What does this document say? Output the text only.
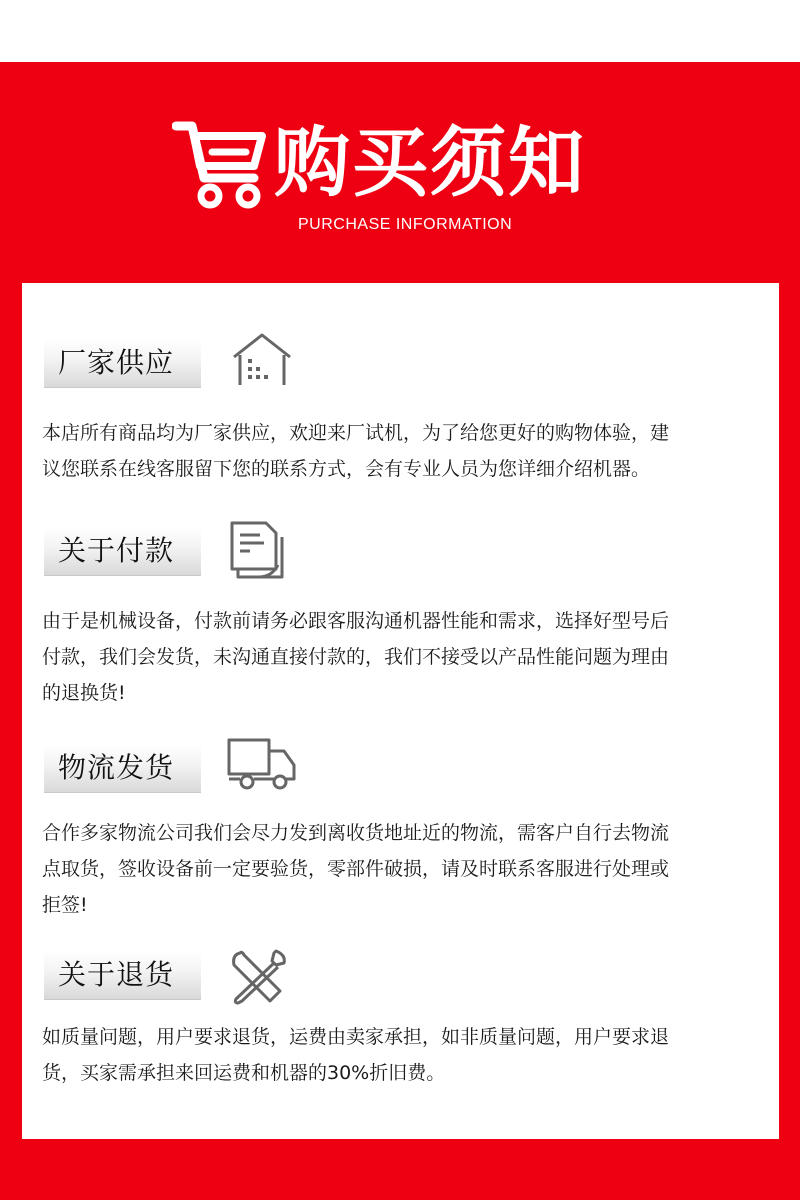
购买须知
PURCHASE INFORMATION
厂家供应

本店所有商品均为厂家供应，欢迎来厂试机，为了给您更好的购物体验，建
议您联系在线客服留下您的联系方式，会有专业人员为您详细介绍机器。

关于付款

由于是机械设备，付款前请务必跟客服沟通机器性能和需求，选择好型号后
付款，我们会发货，未沟通直接付款的，我们不接受以产品性能问题为理由
的退换货!

物流发货

合作多家物流公司我们会尽力发到离收货地址近的物流，需客户自行去物流
点取货，签收设备前一定要验货，零部件破损，请及时联系客服进行处理或
拒签!

关于退货

如质量问题，用户要求退货，运费由卖家承担，如非质量问题，用户要求退
货，买家需承担来回运费和机器的30%折旧费。
